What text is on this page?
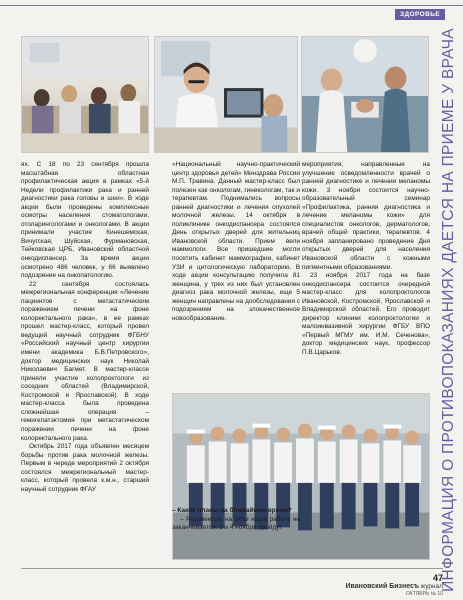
ЗДОРОВЬЕ

ях. С 18 по 23 сентября прошла масштабная областная профилактическая акция в рамках «5-й Недели профилактики рака и ранней диагностики рака головы и шеи». В ходе акции были проведены комплексные осмотры населения стоматологами, отоларингологами и онкологами. В акции принимали участие Кинешемская, Вичугская, Шуйская, Фурмановская, Тейковская ЦРБ, Ивановский областной онкодиспансер. За время акции осмотрено 486 человек, у 66 выявлено подозрение на онкопатологию.

22 сентября состоялась межрегиональная конференция «Лечение пациентов с метастатическим поражением печени на фоне колоректального рака», в ее рамках прошел мастер-класс, который провел ведущий научный сотрудник ФГБНУ «Российский научный центр хирургии имени академика Б.В.Петровского», доктор медицинских наук Николай Николаевич Багмет. В мастер-классе приняли участие колопроктологи из соседних областей (Владимирской, Костромской и Ярославской). В ходе мастер-класса была проведена сложнейшая операция – гемигепатэктомия при метастатическом поражении печени на фоне колоректального рака.

Октябрь 2017 года объявлен месяцем борьбы против рака молочной железы. Первым в череде мероприятий 2 октября состоялся межрегиональный мастер-класс, который провела к.м.н., старший научный сотрудник ФГАУ

«Национальный научно-практический центр здоровья детей» Минздрава России М.П. Травина. Данный мастер-класс был полезен как онкологам, гинекологам, так и терапевтам. Поднимались вопросы ранней диагностики и лечения опухолей молочной железы. 14 октября в поликлинике онкодиспансера состоялся День открытых дверей для жительниц Ивановской области. Прием вели маммологи. Все пришедшие могли посетить кабинет маммографии, кабинет УЗИ и цитологическую лабораторию. В ходе акции консультацию получила 81 женщина, у трех из них был установлен диагноз рака молочной железы, еще 5 женщин направлены на дообследования с подозрением на злокачественное новообразование.

– Какие планы на ближайшее время?

– Разумеется, на этом наша работа не заканчивается. 3 и 4 ноября пройдут

мероприятия, направленные на улучшение осведомленности врачей о ранней диагностике и лечении меланомы кожи. 3 ноября состоится научно-образовательный семинар «Профилактика, ранняя диагностика и лечение меланомы кожи» для специалистов онкологов, дерматологов, врачей общей практики, терапевтов. 4 ноября запланировано проведение Дня открытых дверей для населения Ивановской области с кожными пигментными образованиями.

23 ноября 2017 года на базе онкодиспансера состоится очередной мастер-класс для колопроктологов Ивановской, Костромской, Ярославской и Владимирской областей. Его проводит директор клиники колопроктологии и малоинвазивной хирургии ФГБУ ВПО «Первый МГМУ им. И.М. Сеченова», доктор медицинских наук, профессор П.В.Царьков.	ИНФОРМАЦИЯ О ПРОТИВОПОКАЗАНИЯХ ДАЕТСЯ НА ПРИЕМЕ У ВРАЧА
47
Ивановский Бизнесъ журнал
ОКТЯБРЬ № 10
